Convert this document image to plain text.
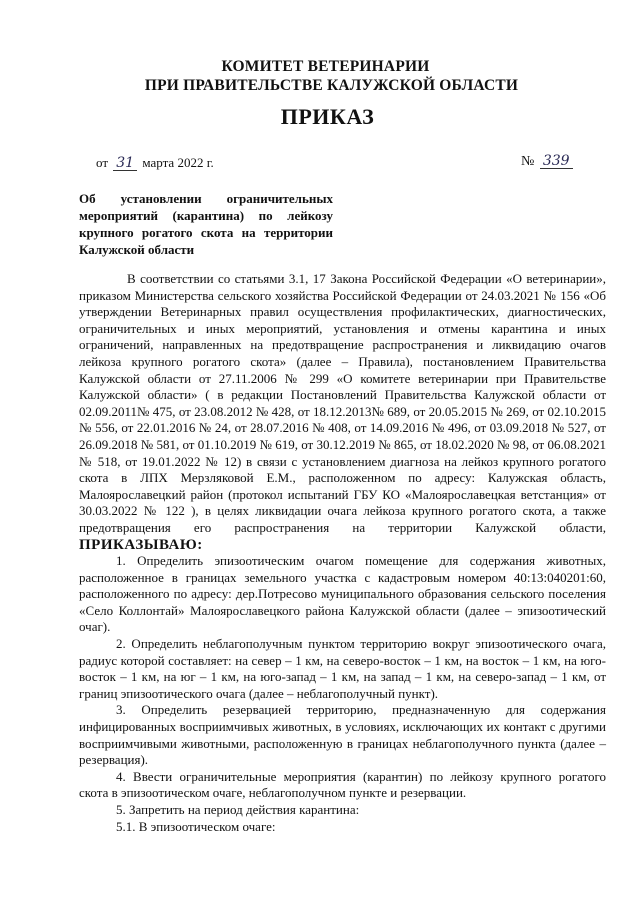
КОМИТЕТ ВЕТЕРИНАРИИ
ПРИ ПРАВИТЕЛЬСТВЕ КАЛУЖСКОЙ ОБЛАСТИ
ПРИКАЗ
от 31 марта 2022 г.	№ 339
Об установлении ограничительных мероприятий (карантина) по лейкозу крупного рогатого скота на территории Калужской области

В соответствии со статьями 3.1, 17 Закона Российской Федерации «О ветеринарии», приказом Министерства сельского хозяйства Российской Федерации от 24.03.2021 № 156 «Об утверждении Ветеринарных правил осуществления профилактических, диагностических, ограничительных и иных мероприятий, установления и отмены карантина и иных ограничений, направленных на предотвращение распространения и ликвидацию очагов лейкоза крупного рогатого скота» (далее – Правила), постановлением Правительства Калужской области от 27.11.2006 № 299 «О комитете ветеринарии при Правительстве Калужской области» ( в редакции Постановлений Правительства Калужской области от 02.09.2011№ 475, от 23.08.2012 № 428, от 18.12.2013№ 689, от 20.05.2015 № 269, от 02.10.2015 № 556, от 22.01.2016 № 24, от 28.07.2016 № 408, от 14.09.2016 № 496, от 03.09.2018 № 527, от 26.09.2018 № 581, от 01.10.2019 № 619, от 30.12.2019 № 865, от 18.02.2020 № 98, от 06.08.2021 № 518, от 19.01.2022 № 12) в связи с установлением диагноза на лейкоз крупного рогатого скота в ЛПХ Мерзляковой Е.М., расположенном по адресу: Калужская область, Малоярославецкий район (протокол испытаний ГБУ КО «Малоярославецкая ветстанция» от 30.03.2022 № 122 ), в целях ликвидации очага лейкоза крупного рогатого скота, а также предотвращения его распространения на территории Калужской области, ПРИКАЗЫВАЮ:

1. Определить эпизоотическим очагом помещение для содержания животных, расположенное в границах земельного участка с кадастровым номером 40:13:040201:60, расположенного по адресу: дер.Потресово муниципального образования сельского поселения «Село Коллонтай» Малоярославецкого района Калужской области (далее – эпизоотический очаг).

2. Определить неблагополучным пунктом территорию вокруг эпизоотического очага, радиус которой составляет: на север – 1 км, на северо-восток – 1 км, на восток – 1 км, на юго-восток – 1 км, на юг – 1 км, на юго-запад – 1 км, на запад – 1 км, на северо-запад – 1 км, от границ эпизоотического очага (далее – неблагополучный пункт).

3. Определить резервацией территорию, предназначенную для содержания инфицированных восприимчивых животных, в условиях, исключающих их контакт с другими восприимчивыми животными, расположенную в границах неблагополучного пункта (далее – резервация).

4. Ввести ограничительные мероприятия (карантин) по лейкозу крупного рогатого скота в эпизоотическом очаге, неблагополучном пункте и резервации.

5. Запретить на период действия карантина:

5.1. В эпизоотическом очаге:
